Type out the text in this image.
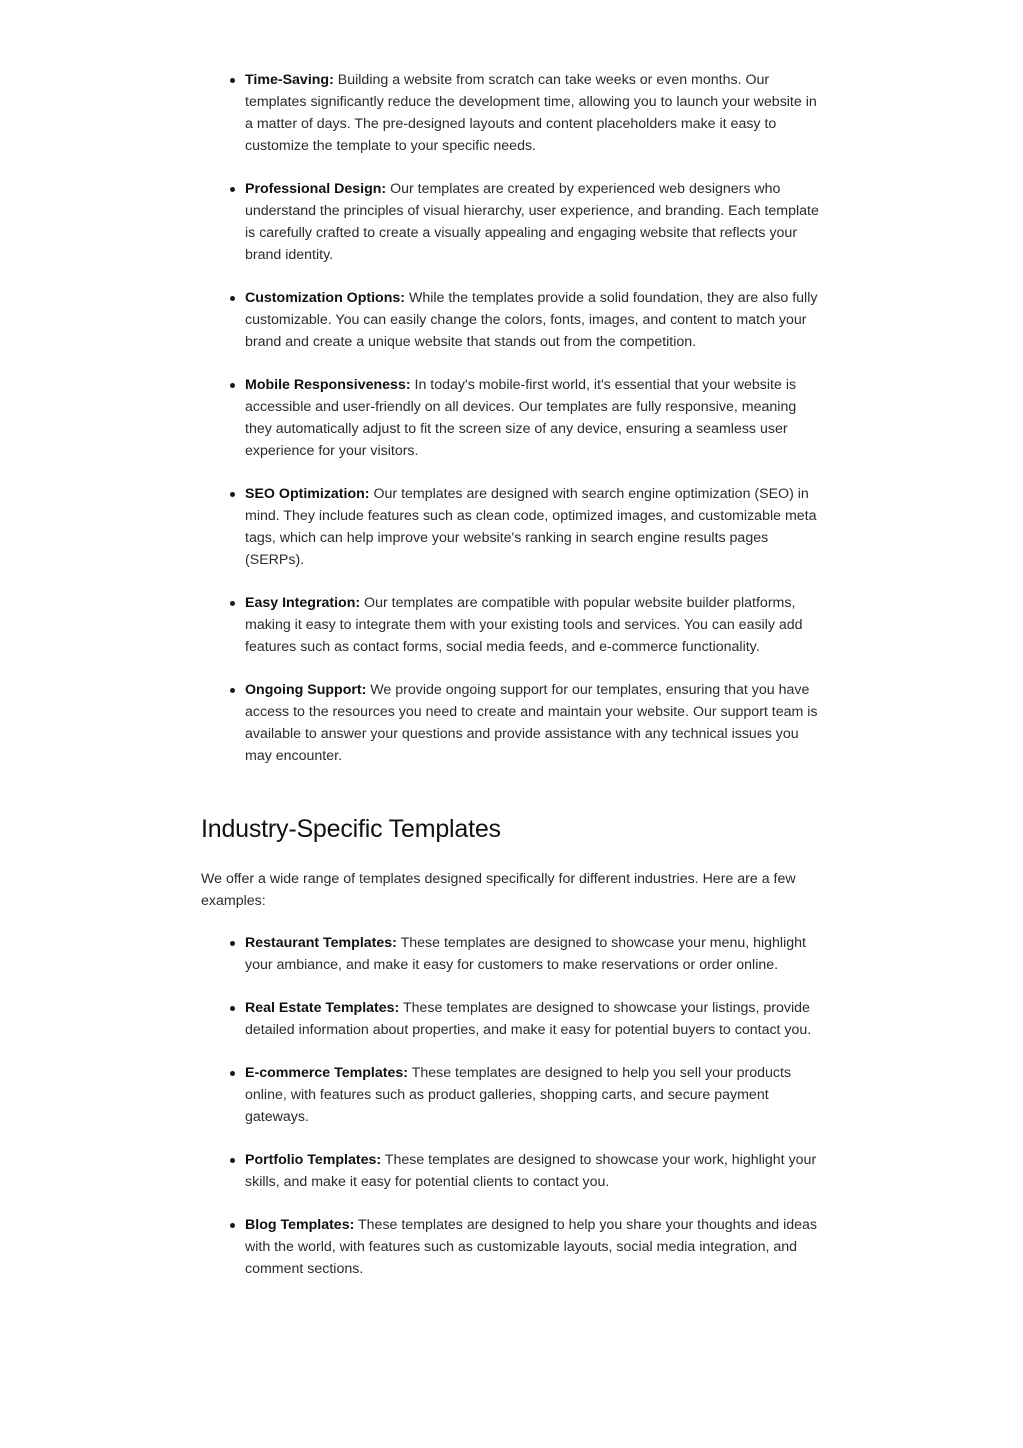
Time-Saving: Building a website from scratch can take weeks or even months. Our templates significantly reduce the development time, allowing you to launch your website in a matter of days. The pre-designed layouts and content placeholders make it easy to customize the template to your specific needs.
Professional Design: Our templates are created by experienced web designers who understand the principles of visual hierarchy, user experience, and branding. Each template is carefully crafted to create a visually appealing and engaging website that reflects your brand identity.
Customization Options: While the templates provide a solid foundation, they are also fully customizable. You can easily change the colors, fonts, images, and content to match your brand and create a unique website that stands out from the competition.
Mobile Responsiveness: In today's mobile-first world, it's essential that your website is accessible and user-friendly on all devices. Our templates are fully responsive, meaning they automatically adjust to fit the screen size of any device, ensuring a seamless user experience for your visitors.
SEO Optimization: Our templates are designed with search engine optimization (SEO) in mind. They include features such as clean code, optimized images, and customizable meta tags, which can help improve your website's ranking in search engine results pages (SERPs).
Easy Integration: Our templates are compatible with popular website builder platforms, making it easy to integrate them with your existing tools and services. You can easily add features such as contact forms, social media feeds, and e-commerce functionality.
Ongoing Support: We provide ongoing support for our templates, ensuring that you have access to the resources you need to create and maintain your website. Our support team is available to answer your questions and provide assistance with any technical issues you may encounter.
Industry-Specific Templates

We offer a wide range of templates designed specifically for different industries. Here are a few examples:

Restaurant Templates: These templates are designed to showcase your menu, highlight your ambiance, and make it easy for customers to make reservations or order online.
Real Estate Templates: These templates are designed to showcase your listings, provide detailed information about properties, and make it easy for potential buyers to contact you.
E-commerce Templates: These templates are designed to help you sell your products online, with features such as product galleries, shopping carts, and secure payment gateways.
Portfolio Templates: These templates are designed to showcase your work, highlight your skills, and make it easy for potential clients to contact you.
Blog Templates: These templates are designed to help you share your thoughts and ideas with the world, with features such as customizable layouts, social media integration, and comment sections.
